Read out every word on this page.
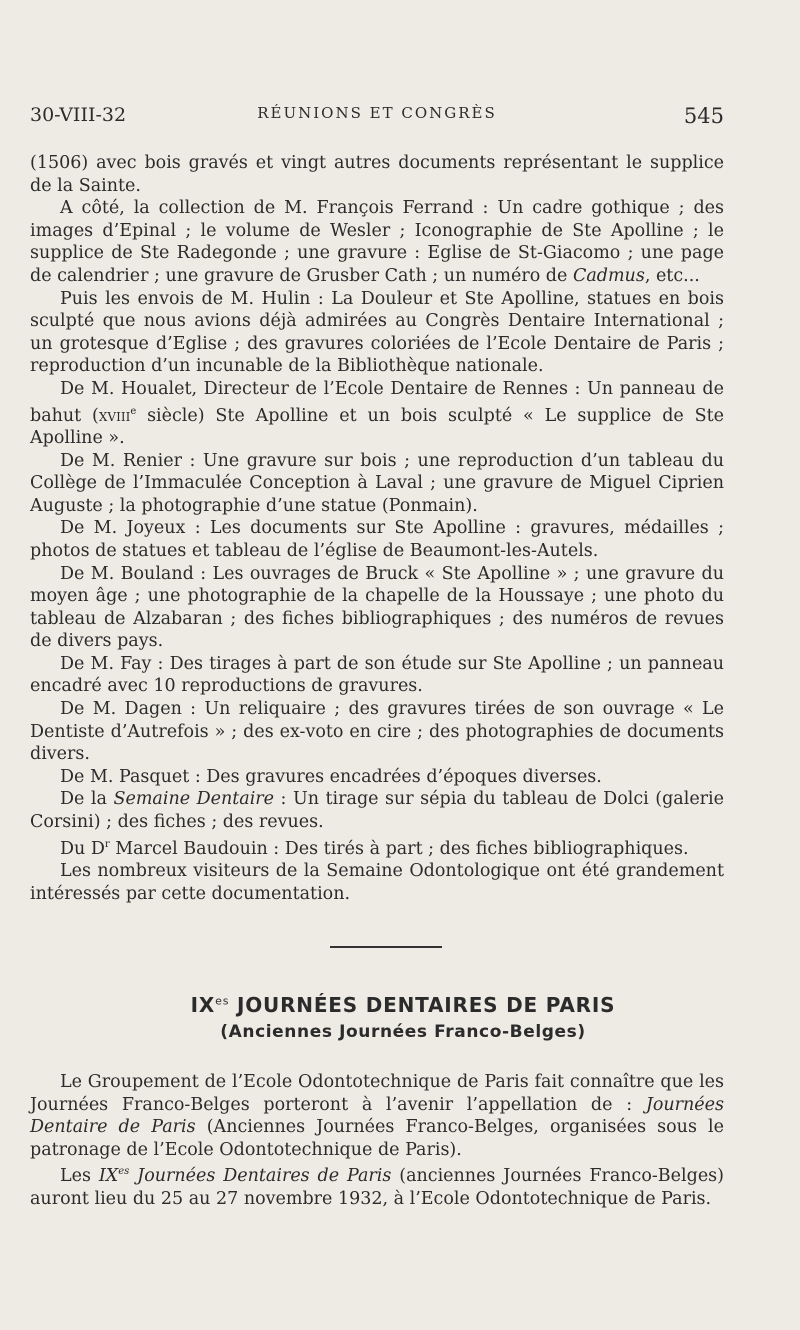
30-VIII-32	RÉUNIONS ET CONGRÈS	545

(1506) avec bois gravés et vingt autres documents représentant le supplice de la Sainte.

A côté, la collection de M. François Ferrand : Un cadre gothique ; des images d’Epinal ; le volume de Wesler ; Iconographie de Ste Apolline ; le supplice de Ste Radegonde ; une gravure : Eglise de St-Giacomo ; une page de calendrier ; une gravure de Grusber Cath ; un numéro de Cadmus, etc...

Puis les envois de M. Hulin : La Douleur et Ste Apolline, statues en bois sculpté que nous avions déjà admirées au Congrès Dentaire International ; un grotesque d’Eglise ; des gravures coloriées de l’Ecole Dentaire de Paris ; reproduction d’un incunable de la Bibliothèque nationale.

De M. Houalet, Directeur de l’Ecole Dentaire de Rennes : Un panneau de bahut (xviii$^e$ siècle) Ste Apolline et un bois sculpté « Le supplice de Ste Apolline ».

De M. Renier : Une gravure sur bois ; une reproduction d’un tableau du Collège de l’Immaculée Conception à Laval ; une gravure de Miguel Ciprien Auguste ; la photographie d’une statue (Ponmain).

De M. Joyeux : Les documents sur Ste Apolline : gravures, médailles ; photos de statues et tableau de l’église de Beaumont-les-Autels.

De M. Bouland : Les ouvrages de Bruck « Ste Apolline » ; une gravure du moyen âge ; une photographie de la chapelle de la Houssaye ; une photo du tableau de Alzabaran ; des fiches bibliographiques ; des numéros de revues de divers pays.

De M. Fay : Des tirages à part de son étude sur Ste Apolline ; un panneau encadré avec 10 reproductions de gravures.

De M. Dagen : Un reliquaire ; des gravures tirées de son ouvrage « Le Dentiste d’Autrefois » ; des ex-voto en cire ; des photographies de documents divers.

De M. Pasquet : Des gravures encadrées d’époques diverses.

De la Semaine Dentaire : Un tirage sur sépia du tableau de Dolci (galerie Corsini) ; des fiches ; des revues.

Du $D^r$ Marcel Baudouin : Des tirés à part ; des fiches bibliographiques.

Les nombreux visiteurs de la Semaine Odontologique ont été grandement intéressés par cette documentation.

$IX^{es}$ JOURNÉES DENTAIRES DE PARIS
(Anciennes Journées Franco-Belges)

Le Groupement de l’Ecole Odontotechnique de Paris fait connaître que les Journées Franco-Belges porteront à l’avenir l’appellation de : Journées Dentaire de Paris (Anciennes Journées Franco-Belges, organisées sous le patronage de l’Ecole Odontotechnique de Paris).

Les $IX^{es}$ Journées Dentaires de Paris (anciennes Journées Franco-Belges) auront lieu du 25 au 27 novembre 1932, à l’Ecole Odontotechnique de Paris.
